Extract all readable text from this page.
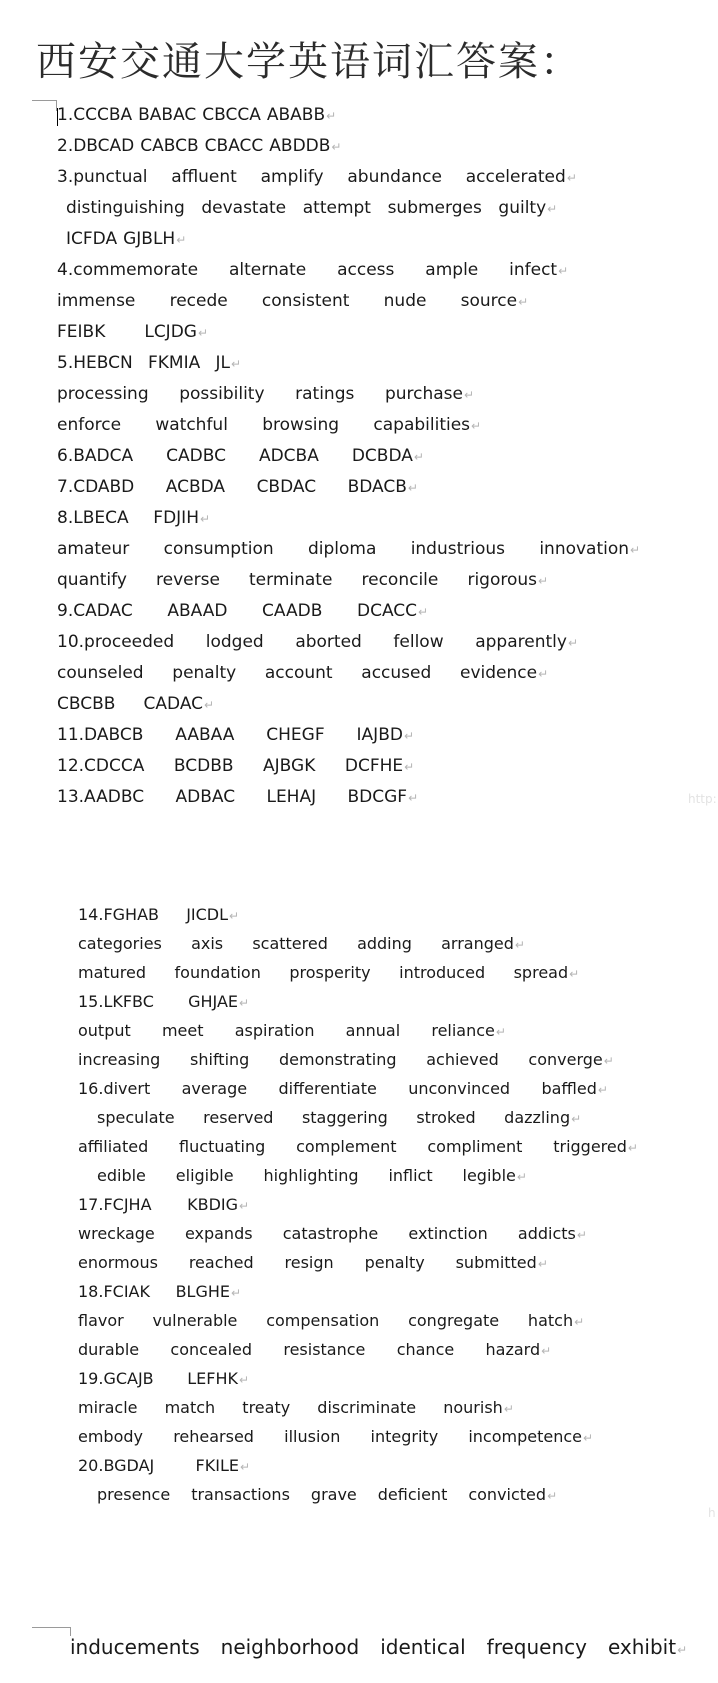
西安交通大学英语词汇答案：
1.CCCBA BABAC CBCCA ABABB ↵
2.DBCAD CABCB CBACC ABDDB ↵
3.punctual affluent amplify abundance accelerated ↵
distinguishing devastate attempt submerges guilty ↵
ICFDA GJBLH ↵
4.commemorate alternate access ample infect ↵
immense recede consistent nude source ↵
FEIBK LCJDG ↵
5.HEBCN FKMIA JL ↵
processing possibility ratings purchase ↵
enforce watchful browsing capabilities ↵
6.BADCA CADBC ADCBA DCBDA ↵
7.CDABD ACBDA CBDAC BDACB ↵
8.LBECA FDJIH ↵
amateur consumption diploma industrious innovation ↵
quantify reverse terminate reconcile rigorous ↵
9.CADAC ABAAD CAADB DCACC ↵
10.proceeded lodged aborted fellow apparently ↵
counseled penalty account accused evidence ↵
CBCBB CADAC ↵
11.DABCB AABAA CHEGF IAJBD ↵
12.CDCCA BCDBB AJBGK DCFHE ↵
13.AADBC ADBAC LEHAJ BDCGF ↵
14.FGHAB JICDL ↵
categories axis scattered adding arranged ↵
matured foundation prosperity introduced spread ↵
15.LKFBC GHJAE ↵
output meet aspiration annual reliance ↵
increasing shifting demonstrating achieved converge ↵
16.divert average differentiate unconvinced baffled ↵
speculate reserved staggering stroked dazzling ↵
affiliated fluctuating complement compliment triggered ↵
edible eligible highlighting inflict legible ↵
17.FCJHA KBDIG ↵
wreckage expands catastrophe extinction addicts ↵
enormous reached resign penalty submitted ↵
18.FCIAK BLGHE ↵
flavor vulnerable compensation congregate hatch ↵
durable concealed resistance chance hazard ↵
19.GCAJB LEFHK ↵
miracle match treaty discriminate nourish ↵
embody rehearsed illusion integrity incompetence ↵
20.BGDAJ	FKILE ↵
presence transactions grave deficient convicted ↵
inducements neighborhood identical frequency exhibit ↵
http:
h
